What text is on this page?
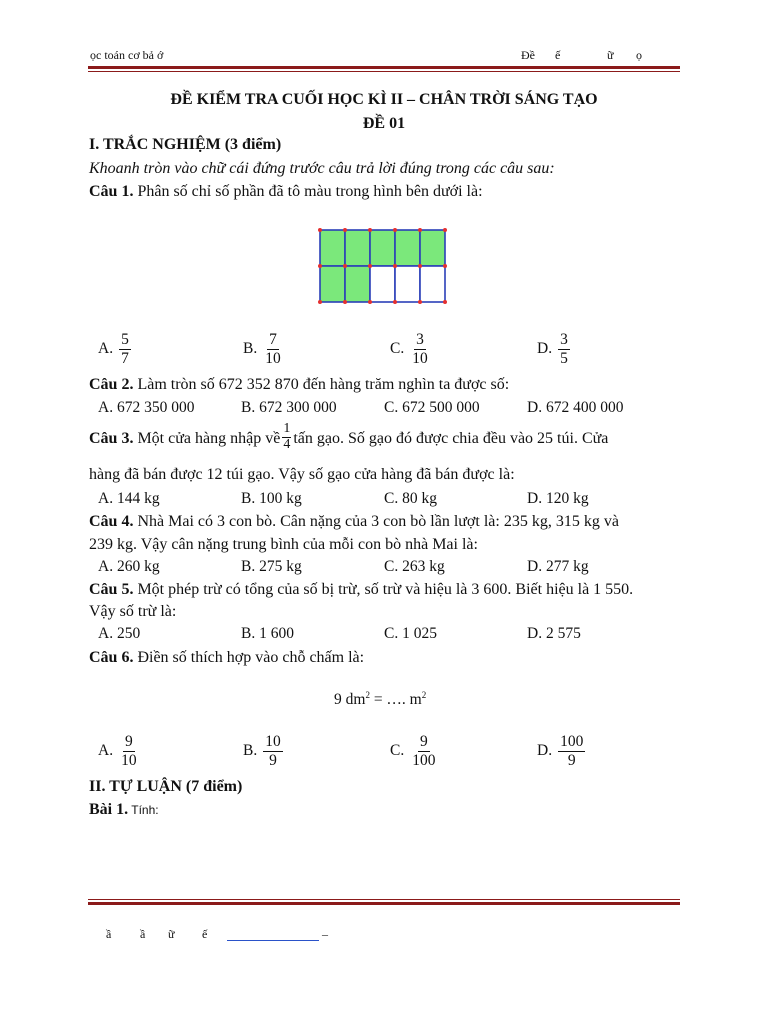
ọc toán cơ bả ớ	Đề ế	ữ ọ
ĐỀ KIỂM TRA CUỐI HỌC KÌ II – CHÂN TRỜI SÁNG TẠO
ĐỀ 01
I. TRẮC NGHIỆM (3 điểm)
Khoanh tròn vào chữ cái đứng trước câu trả lời đúng trong các câu sau:
Câu 1. Phân số chỉ số phần đã tô màu trong hình bên dưới là:
A. $\frac{5}{7}$	B. $\frac{7}{10}$	C. $\frac{3}{10}$	D. $\frac{3}{5}$
Câu 2. Làm tròn số 672 352 870 đến hàng trăm nghìn ta được số:
A. 672 350 000	B. 672 300 000	C. 672 500 000	D. 672 400 000
Câu 3. Một cửa hàng nhập về $\frac{1}{4}$ tấn gạo. Số gạo đó được chia đều vào 25 túi. Cửa
hàng đã bán được 12 túi gạo. Vậy số gạo cửa hàng đã bán được là:
A. 144 kg	B. 100 kg	C. 80 kg	D. 120 kg
Câu 4. Nhà Mai có 3 con bò. Cân nặng của 3 con bò lần lượt là: 235 kg, 315 kg và
239 kg. Vậy cân nặng trung bình của mỗi con bò nhà Mai là:
A. 260 kg	B. 275 kg	C. 263 kg	D. 277 kg
Câu 5. Một phép trừ có tổng của số bị trừ, số trừ và hiệu là 3 600. Biết hiệu là 1 550.
Vậy số trừ là:
A. 250	B. 1 600	C. 1 025	D. 2 575
Câu 6. Điền số thích hợp vào chỗ chấm là:
9 $dm^2$ = …. $m^2$
A. $\frac{9}{10}$	B. $\frac{10}{9}$	C. $\frac{9}{100}$	D. $\frac{100}{9}$
II. TỰ LUẬN (7 điểm)
Bài 1. Tính:
ầ ầ ữ ế	–
